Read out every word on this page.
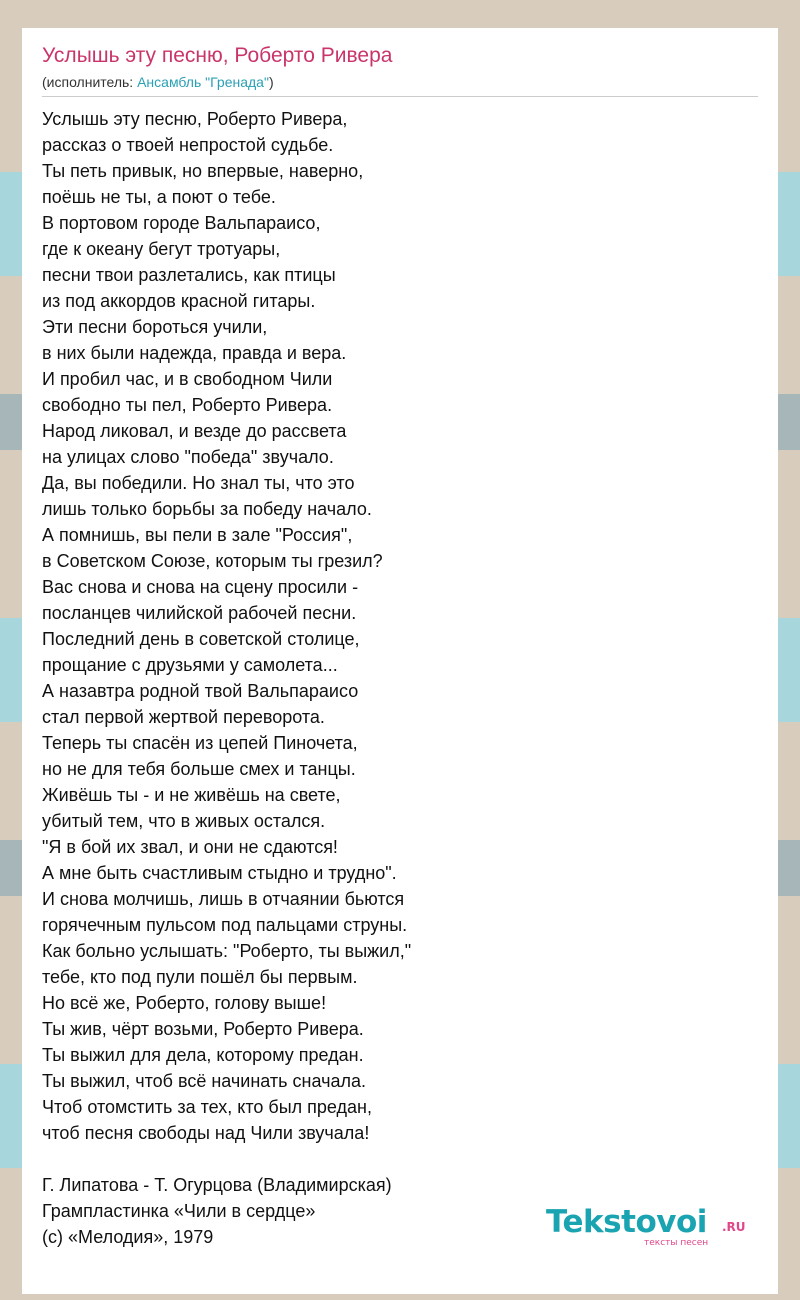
Услышь эту песню, Роберто Ривера
(исполнитель: Ансамбль "Гренада")
Услышь эту песню, Роберто Ривера,
рассказ о твоей непростой судьбе.
Ты петь привык, но впервые, наверно,
поёшь не ты, а поют о тебе.
В портовом городе Вальпараисо,
где к океану бегут тротуары,
песни твои разлетались, как птицы
из под аккордов красной гитары.
Эти песни бороться учили,
в них были надежда, правда и вера.
И пробил час, и в свободном Чили
свободно ты пел, Роберто Ривера.
Народ ликовал, и везде до рассвета
на улицах слово "победа" звучало.
Да, вы победили. Но знал ты, что это
лишь только борьбы за победу начало.
А помнишь, вы пели в зале "Россия",
в Советском Союзе, которым ты грезил?
Вас снова и снова на сцену просили -
посланцев чилийской рабочей песни.
Последний день в советской столице,
прощание с друзьями у самолета...
А назавтра родной твой Вальпараисо
стал первой жертвой переворота.
Теперь ты спасён из цепей Пиночета,
но не для тебя больше смех и танцы.
Живёшь ты - и не живёшь на свете,
убитый тем, что в живых остался.
"Я в бой их звал, и они не сдаются!
А мне быть счастливым стыдно и трудно".
И снова молчишь, лишь в отчаянии бьются
горячечным пульсом под пальцами струны.
Как больно услышать: "Роберто, ты выжил,"
тебе, кто под пули пошёл бы первым.
Но всё же, Роберто, голову выше!
Ты жив, чёрт возьми, Роберто Ривера.
Ты выжил для дела, которому предан.
Ты выжил, чтоб всё начинать сначала.
Чтоб отомстить за тех, кто был предан,
чтоб песня свободы над Чили звучала!
Г. Липатова - Т. Огурцова (Владимирская)
Грампластинка «Чили в сердце»
(c) «Мелодия», 1979	Tekstovoi .RU
тексты песен
